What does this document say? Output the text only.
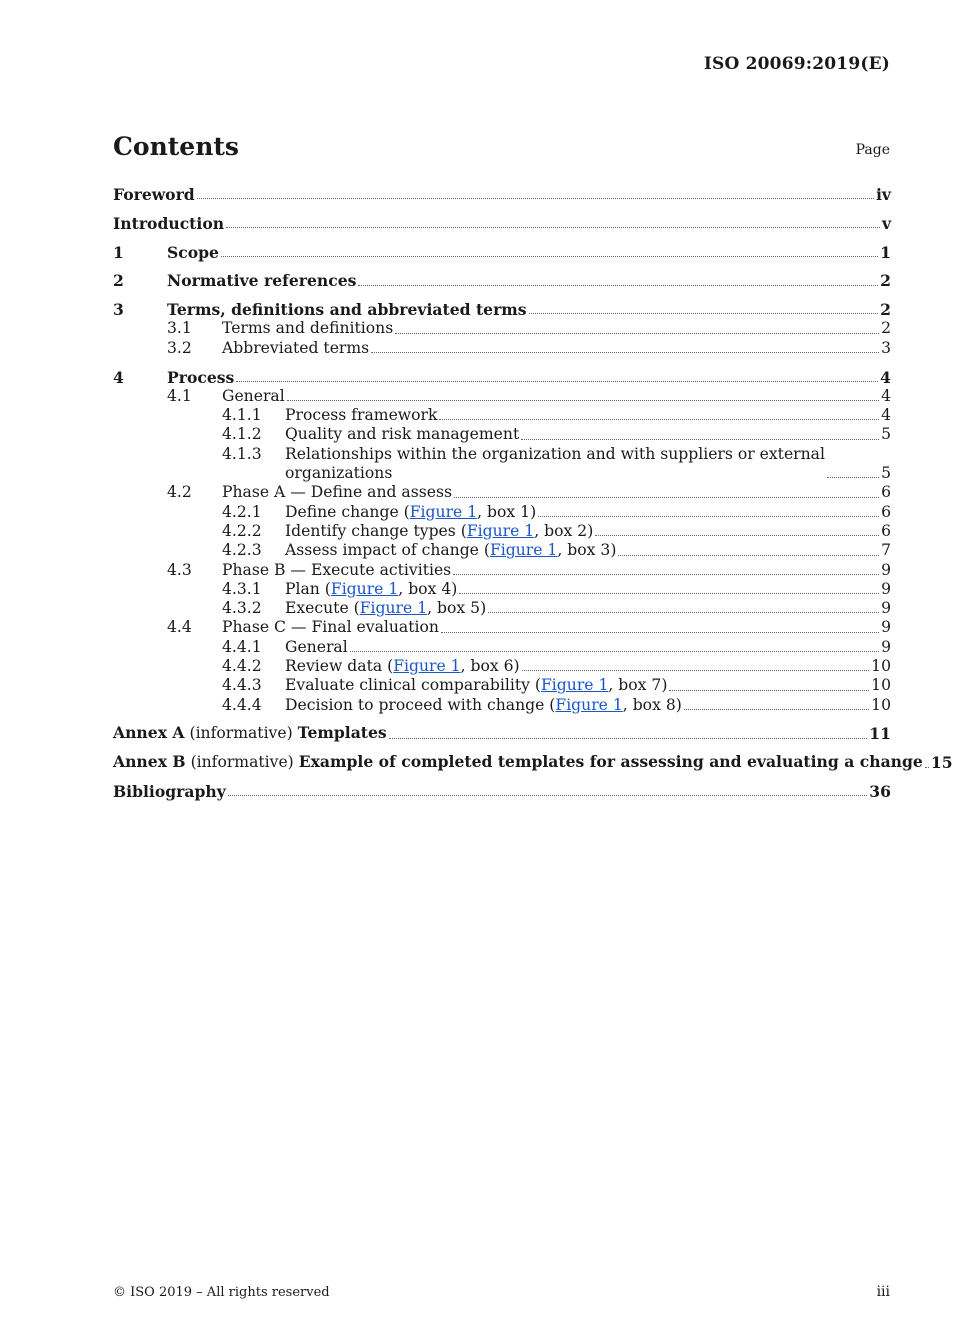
ISO 20069:2019(E)
Contents	Page
Foreword	iv
Introduction	v
1	Scope	1
2	Normative references	2
3	Terms, definitions and abbreviated terms	2
3.1 Terms and definitions	2
3.2 Abbreviated terms	3
4	Process	4
4.1 General	4
4.1.1 Process framework	4
4.1.2 Quality and risk management	5
4.1.3 Relationships within the organization and with suppliers or external
organizations	5
4.2 Phase A — Define and assess	6
4.2.1 Define change (Figure 1, box 1)	6
4.2.2 Identify change types (Figure 1, box 2)	6
4.2.3 Assess impact of change (Figure 1, box 3)	7
4.3 Phase B — Execute activities	9
4.3.1 Plan (Figure 1, box 4)	9
4.3.2 Execute (Figure 1, box 5)	9
4.4 Phase C — Final evaluation	9
4.4.1 General	9
4.4.2 Review data (Figure 1, box 6)	10
4.4.3 Evaluate clinical comparability (Figure 1, box 7)	10
4.4.4 Decision to proceed with change (Figure 1, box 8)	10
Annex A (informative) Templates	11
Annex B (informative) Example of completed templates for assessing and evaluating a change 15
Bibliography	36
© ISO 2019 – All rights reserved	iii
